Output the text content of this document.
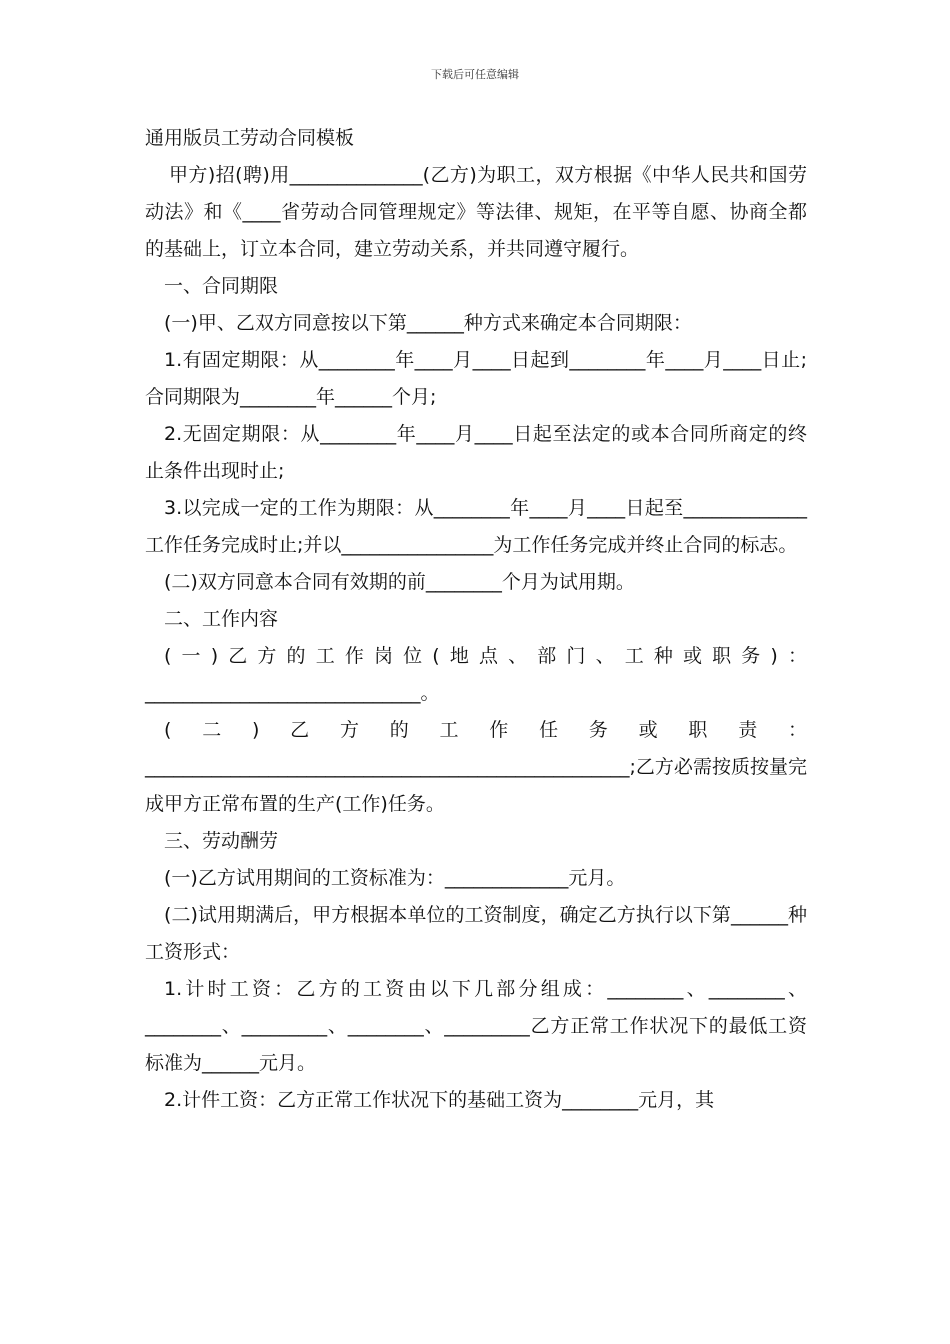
下载后可任意编辑

通用版员工劳动合同模板

甲方)招(聘)用______________(乙方)为职工，双方根据《中华人民共和国劳动法》和《____省劳动合同管理规定》等法律、规矩，在平等自愿、协商全都的基础上，订立本合同，建立劳动关系，并共同遵守履行。

一、合同期限

(一)甲、乙双方同意按以下第______种方式来确定本合同期限：

1.有固定期限：从________年____月____日起到________年____月____日止;合同期限为________年______个月;

2.无固定期限：从________年____月____日起至法定的或本合同所商定的终止条件出现时止;

3.以完成一定的工作为期限：从________年____月____日起至_____________工作任务完成时止;并以________________为工作任务完成并终止合同的标志。

(二)双方同意本合同有效期的前________个月为试用期。

二、工作内容

(一)乙方的工作岗位(地点、部门、工种或职务)：_____________________________。

(二)乙方的工作任务或职责：___________________________________________________;乙方必需按质按量完成甲方正常布置的生产(工作)任务。

三、劳动酬劳

(一)乙方试用期间的工资标准为：_____________元月。

(二)试用期满后，甲方根据本单位的工资制度，确定乙方执行以下第______种工资形式：

1.计时工资：乙方的工资由以下几部分组成：________、________、________、_________、________、_________乙方正常工作状况下的最低工资标准为______元月。

2.计件工资：乙方正常工作状况下的基础工资为________元月，其
